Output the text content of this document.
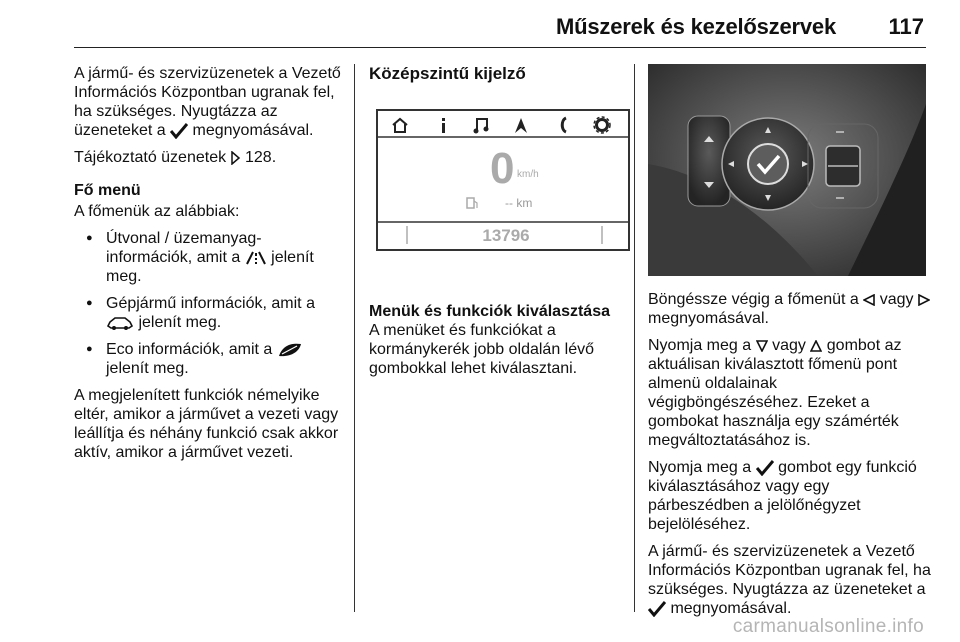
Műszerek és kezelőszervek 117

A jármű- és szervizüzenetek a Vezető Információs Központban ugranak fel, ha szükséges. Nyugtázza az üzeneteket a megnyomásával.

Tájékoztató üzenetek 128.

Fő menü

A főmenük az alábbiak:

● Útvonal / üzemanyag-információk, amit a jelenít meg.
● Gépjármű információk, amit a  jelenít meg.
● Eco információk, amit a
jelenít meg.

A megjelenített funkciók némelyike eltér, amikor a járművet a vezeti vagy leállítja és néhány funkció csak akkor aktív, amikor a járművet vezeti.

Középszintű kijelző
0 km/h
-- km
13796

Menük és funkciók kiválasztása

A menüket és funkciókat a kormánykerék jobb oldalán lévő gombokkal lehet kiválasztani.

Böngéssze végig a főmenüt a vagy  megnyomásával.

Nyomja meg a vagy gombot az aktuálisan kiválasztott főmenü pont almenü oldalainak végigböngészéséhez. Ezeket a gombokat használja egy számérték megváltoztatásához is.

Nyomja meg a gombot egy funkció kiválasztásához vagy egy párbeszédben a jelölőnégyzet bejelöléséhez.

A jármű- és szervizüzenetek a Vezető Információs Központban ugranak fel, ha szükséges. Nyugtázza az üzeneteket a  megnyomásával.

carmanualsonline.info
